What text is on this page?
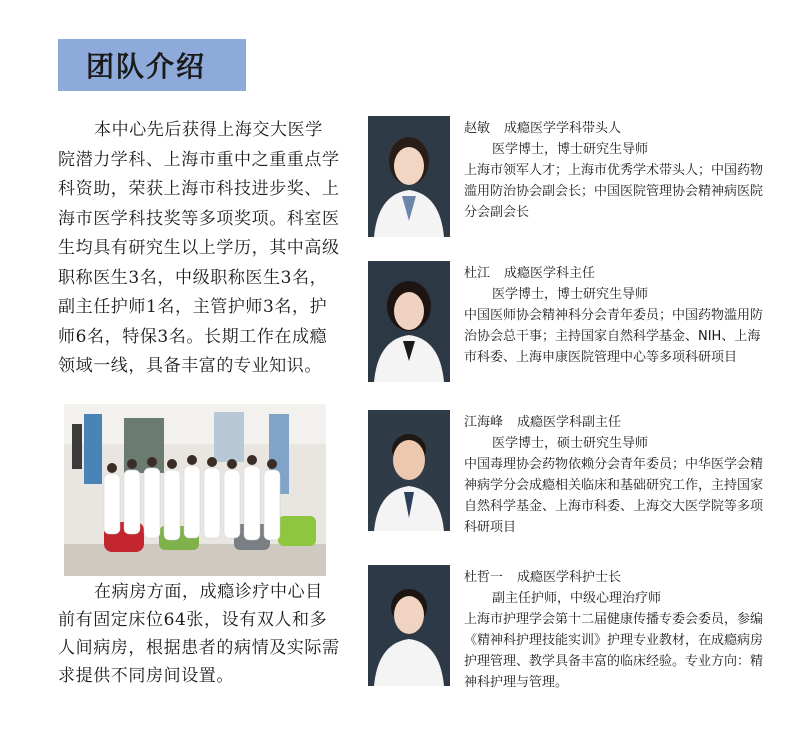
团队介绍

本中心先后获得上海交大医学院潜力学科、上海市重中之重重点学科资助，荣获上海市科技进步奖、上海市医学科技奖等多项奖项。科室医生均具有研究生以上学历，其中高级职称医生3名，中级职称医生3名，副主任护师1名，主管护师3名，护师6名，特保3名。长期工作在成瘾领域一线，具备丰富的专业知识。

在病房方面，成瘾诊疗中心目前有固定床位64张，设有双人和多人间病房，根据患者的病情及实际需求提供不同房间设置。

赵敏 成瘾医学学科带头人
医学博士，博士研究生导师

上海市领军人才；上海市优秀学术带头人；中国药物滥用防治协会副会长；中国医院管理协会精神病医院分会副会长

杜江 成瘾医学科主任
医学博士，博士研究生导师

中国医师协会精神科分会青年委员；中国药物滥用防治协会总干事；主持国家自然科学基金、NIH、上海市科委、上海申康医院管理中心等多项科研项目

江海峰 成瘾医学科副主任
医学博士，硕士研究生导师

中国毒理协会药物依赖分会青年委员；中华医学会精神病学分会成瘾相关临床和基础研究工作，主持国家自然科学基金、上海市科委、上海交大医学院等多项科研项目

杜哲一 成瘾医学科护士长
副主任护师，中级心理治疗师

上海市护理学会第十二届健康传播专委会委员，参编《精神科护理技能实训》护理专业教材，在成瘾病房护理管理、教学具备丰富的临床经验。专业方向：精神科护理与管理。
